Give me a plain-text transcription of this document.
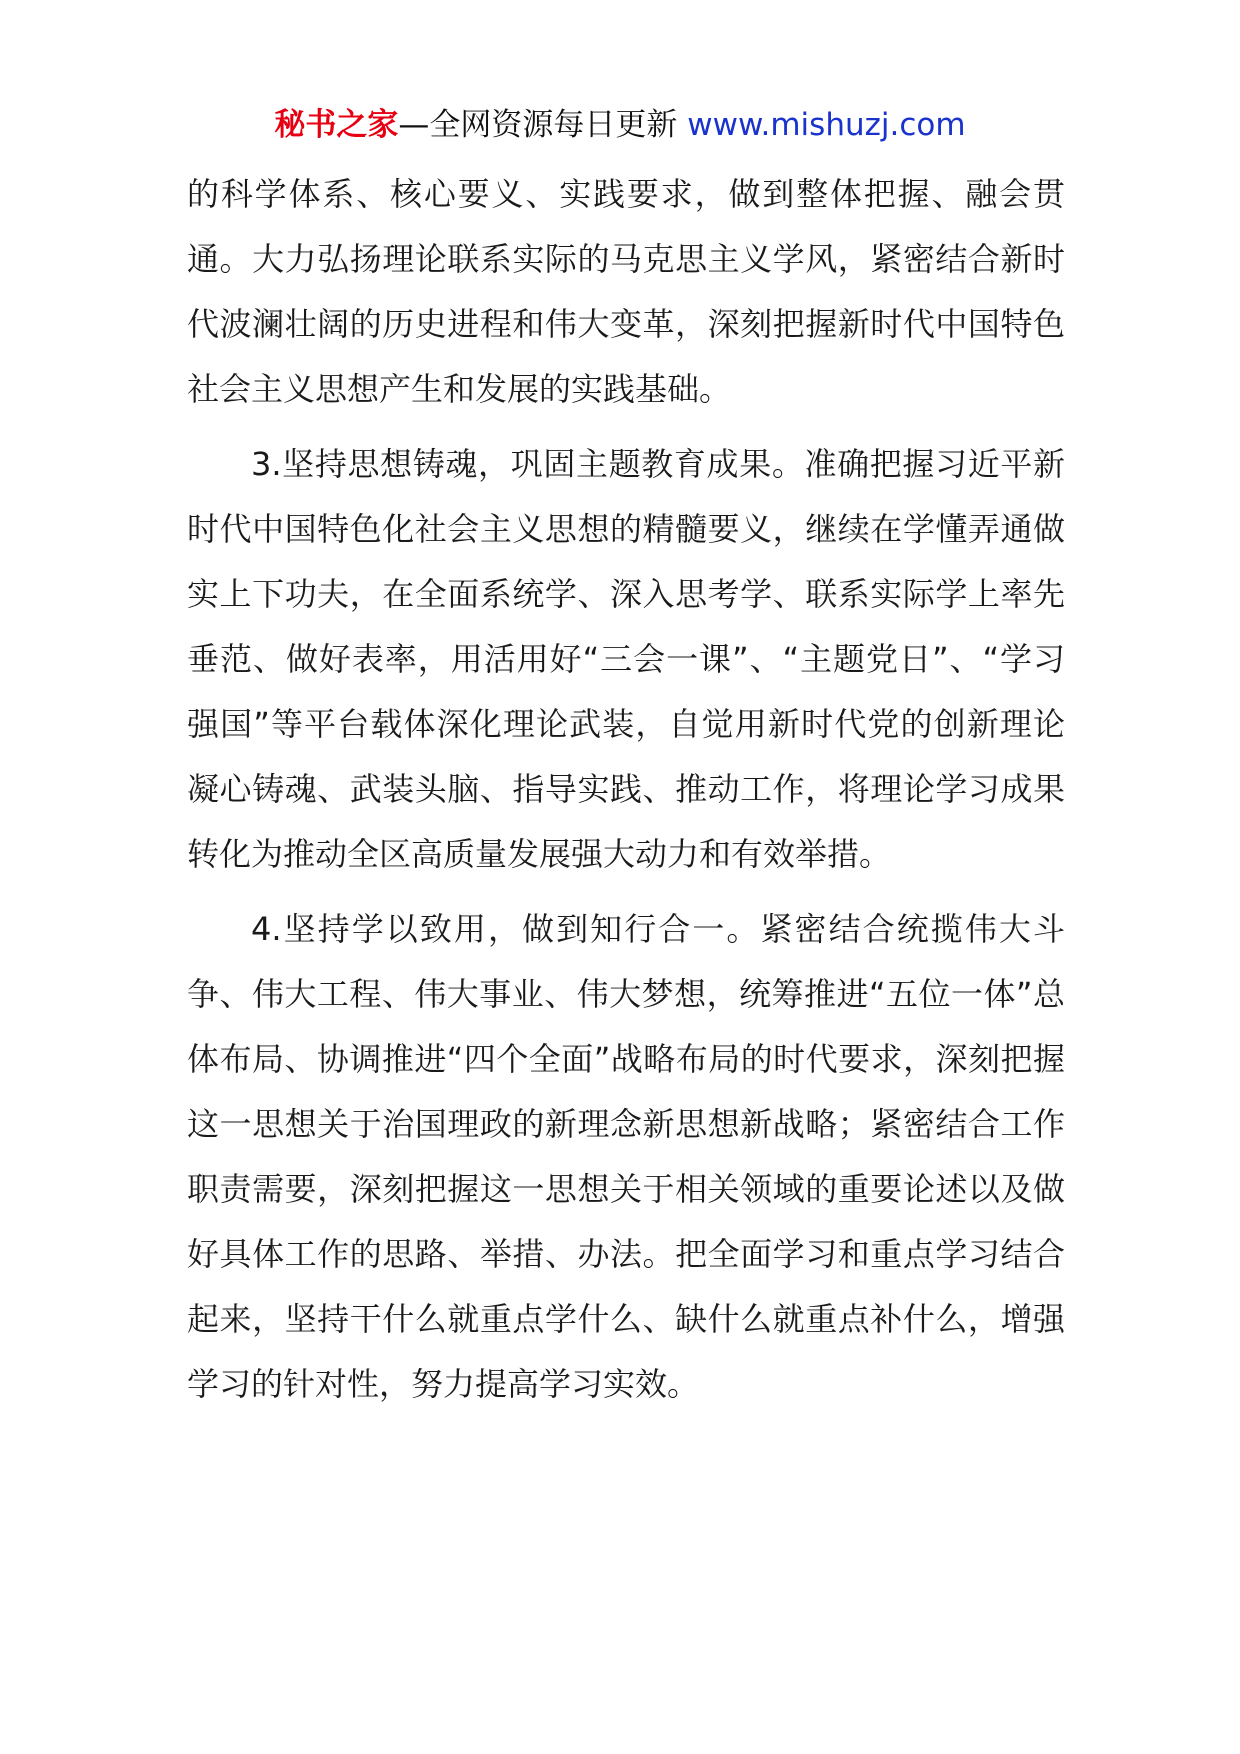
秘书之家—全网资源每日更新 www.mishuzj.com

的科学体系、核心要义、实践要求，做到整体把握、融会贯通。大力弘扬理论联系实际的马克思主义学风，紧密结合新时代波澜壮阔的历史进程和伟大变革，深刻把握新时代中国特色社会主义思想产生和发展的实践基础。

3.坚持思想铸魂，巩固主题教育成果。准确把握习近平新时代中国特色化社会主义思想的精髓要义，继续在学懂弄通做实上下功夫，在全面系统学、深入思考学、联系实际学上率先垂范、做好表率，用活用好“三会一课”、“主题党日”、“学习强国”等平台载体深化理论武装，自觉用新时代党的创新理论凝心铸魂、武装头脑、指导实践、推动工作，将理论学习成果转化为推动全区高质量发展强大动力和有效举措。

4.坚持学以致用，做到知行合一。紧密结合统揽伟大斗争、伟大工程、伟大事业、伟大梦想，统筹推进“五位一体”总体布局、协调推进“四个全面”战略布局的时代要求，深刻把握这一思想关于治国理政的新理念新思想新战略；紧密结合工作职责需要，深刻把握这一思想关于相关领域的重要论述以及做好具体工作的思路、举措、办法。把全面学习和重点学习结合起来，坚持干什么就重点学什么、缺什么就重点补什么，增强学习的针对性，努力提高学习实效。
